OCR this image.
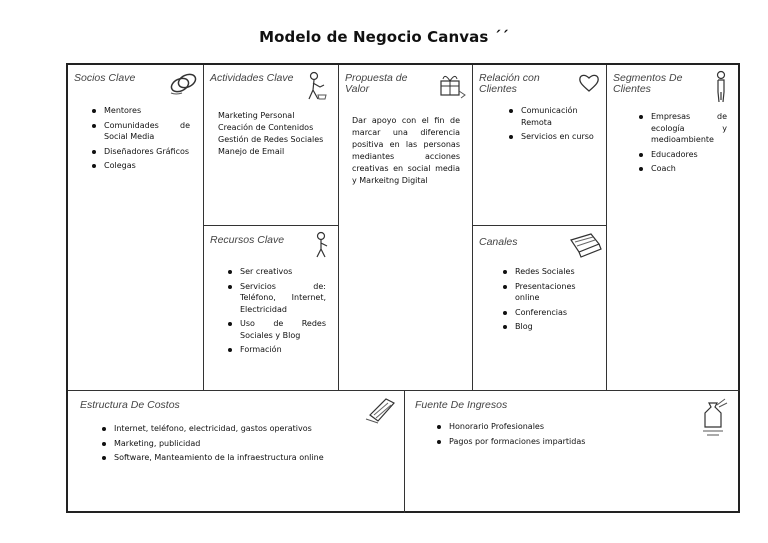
Modelo de Negocio Canvas ´´
Socios Clave
Mentores
Comunidades de Social Media
Diseñadores Gráficos
Colegas
Actividades Clave
Marketing Personal
Creación de Contenidos
Gestión de Redes Sociales
Manejo de Email
Recursos Clave
Ser creativos
Servicios de: Teléfono, Internet, Electricidad
Uso de Redes Sociales y Blog
Formación
Propuesta de Valor
Dar apoyo con el fin de marcar una diferencia positiva en las personas mediantes acciones creativas en social media y Markeitng Digital
Relación con Clientes
Comunicación Remota
Servicios en curso
Canales
Redes Sociales
Presentaciones online
Conferencias
Blog
Segmentos De Clientes
Empresas de ecología y medioambiente
Educadores
Coach
Estructura De Costos
Internet, teléfono, electricidad, gastos operativos
Marketing, publicidad
Software, Manteamiento de la infraestructura online
Fuente De Ingresos
Honorario Profesionales
Pagos por formaciones impartidas
